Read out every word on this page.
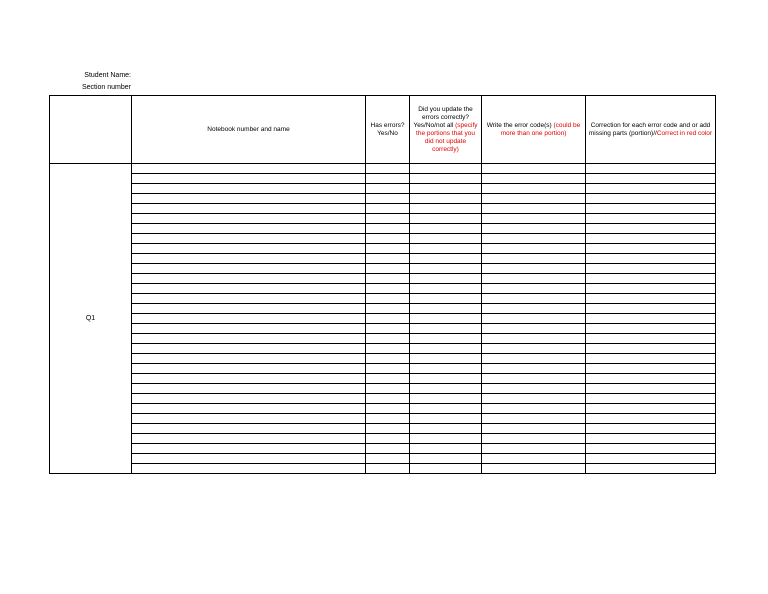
Student Name:
Section number
	Notebook number and name	Has errors? Yes/No	Did you update the errors correctly? Yes/No/not all (specify the portions that you did not update correctly)	Write the error code(s) (could be more than one portion)	Correction for each error code and or add missing parts (portion)//Correct in red color
Q1					
